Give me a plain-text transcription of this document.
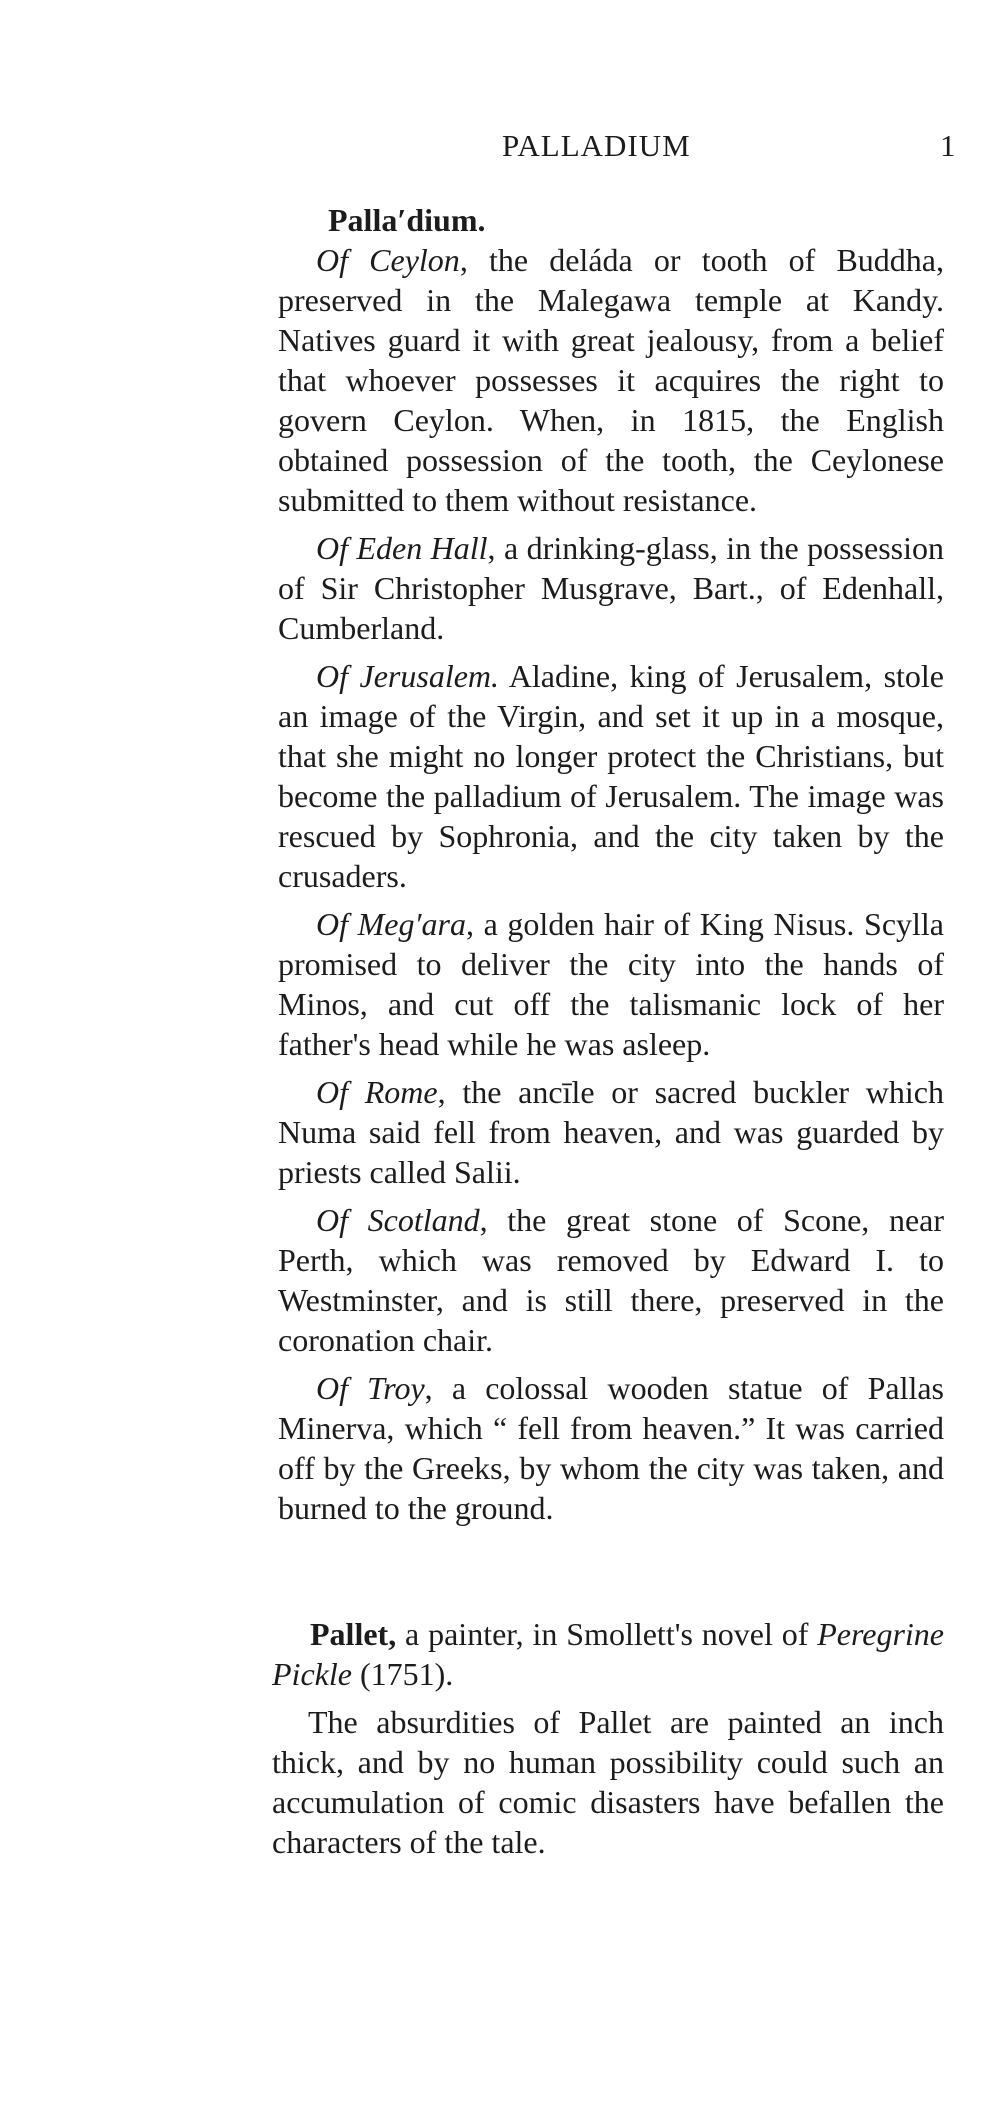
PALLADIUM	1

Palla′dium.

Of Ceylon, the deláda or tooth of Buddha, preserved in the Malegawa temple at Kandy. Natives guard it with great jealousy, from a belief that whoever possesses it acquires the right to govern Ceylon. When, in 1815, the English obtained possession of the tooth, the Ceylonese submitted to them without resistance.

Of Eden Hall, a drinking-glass, in the possession of Sir Christopher Musgrave, Bart., of Edenhall, Cumberland.

Of Jerusalem. Aladine, king of Jerusalem, stole an image of the Virgin, and set it up in a mosque, that she might no longer protect the Christians, but become the palladium of Jerusalem. The image was rescued by Sophronia, and the city taken by the crusaders.

Of Meg′ara, a golden hair of King Nisus. Scylla promised to deliver the city into the hands of Minos, and cut off the talismanic lock of her father's head while he was asleep.

Of Rome, the ancīle or sacred buckler which Numa said fell from heaven, and was guarded by priests called Salii.

Of Scotland, the great stone of Scone, near Perth, which was removed by Edward I. to Westminster, and is still there, preserved in the coronation chair.

Of Troy, a colossal wooden statue of Pallas Minerva, which “ fell from heaven.” It was carried off by the Greeks, by whom the city was taken, and burned to the ground.

Pallet, a painter, in Smollett's novel of Peregrine Pickle (1751).

The absurdities of Pallet are painted an inch thick, and by no human possibility could such an accumulation of comic disasters have befallen the characters of the tale.
